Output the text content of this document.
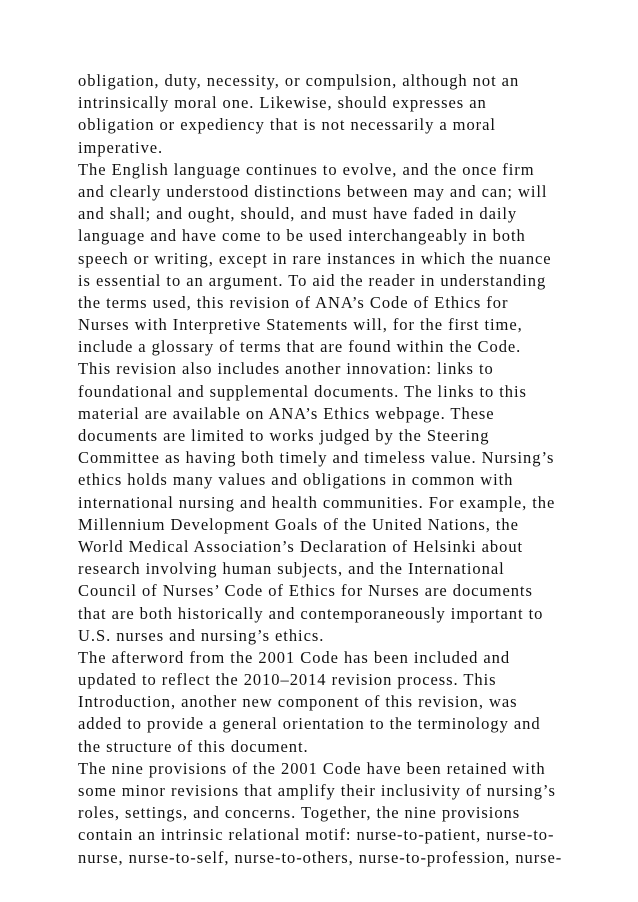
obligation, duty, necessity, or compulsion, although not an
intrinsically moral one. Likewise, should expresses an
obligation or expediency that is not necessarily a moral
imperative.
The English language continues to evolve, and the once firm
and clearly understood distinctions between may and can; will
and shall; and ought, should, and must have faded in daily
language and have come to be used interchangeably in both
speech or writing, except in rare instances in which the nuance
is essential to an argument. To aid the reader in understanding
the terms used, this revision of ANA’s Code of Ethics for
Nurses with Interpretive Statements will, for the first time,
include a glossary of terms that are found within the Code.
This revision also includes another innovation: links to
foundational and supplemental documents. The links to this
material are available on ANA’s Ethics webpage. These
documents are limited to works judged by the Steering
Committee as having both timely and timeless value. Nursing’s
ethics holds many values and obligations in common with
international nursing and health communities. For example, the
Millennium Development Goals of the United Nations, the
World Medical Association’s Declaration of Helsinki about
research involving human subjects, and the International
Council of Nurses’ Code of Ethics for Nurses are documents
that are both historically and contemporaneously important to
U.S. nurses and nursing’s ethics.
The afterword from the 2001 Code has been included and
updated to reflect the 2010–2014 revision process. This
Introduction, another new component of this revision, was
added to provide a general orientation to the terminology and
the structure of this document.
The nine provisions of the 2001 Code have been retained with
some minor revisions that amplify their inclusivity of nursing’s
roles, settings, and concerns. Together, the nine provisions
contain an intrinsic relational motif: nurse-to-patient, nurse-to-
nurse, nurse-to-self, nurse-to-others, nurse-to-profession, nurse-
